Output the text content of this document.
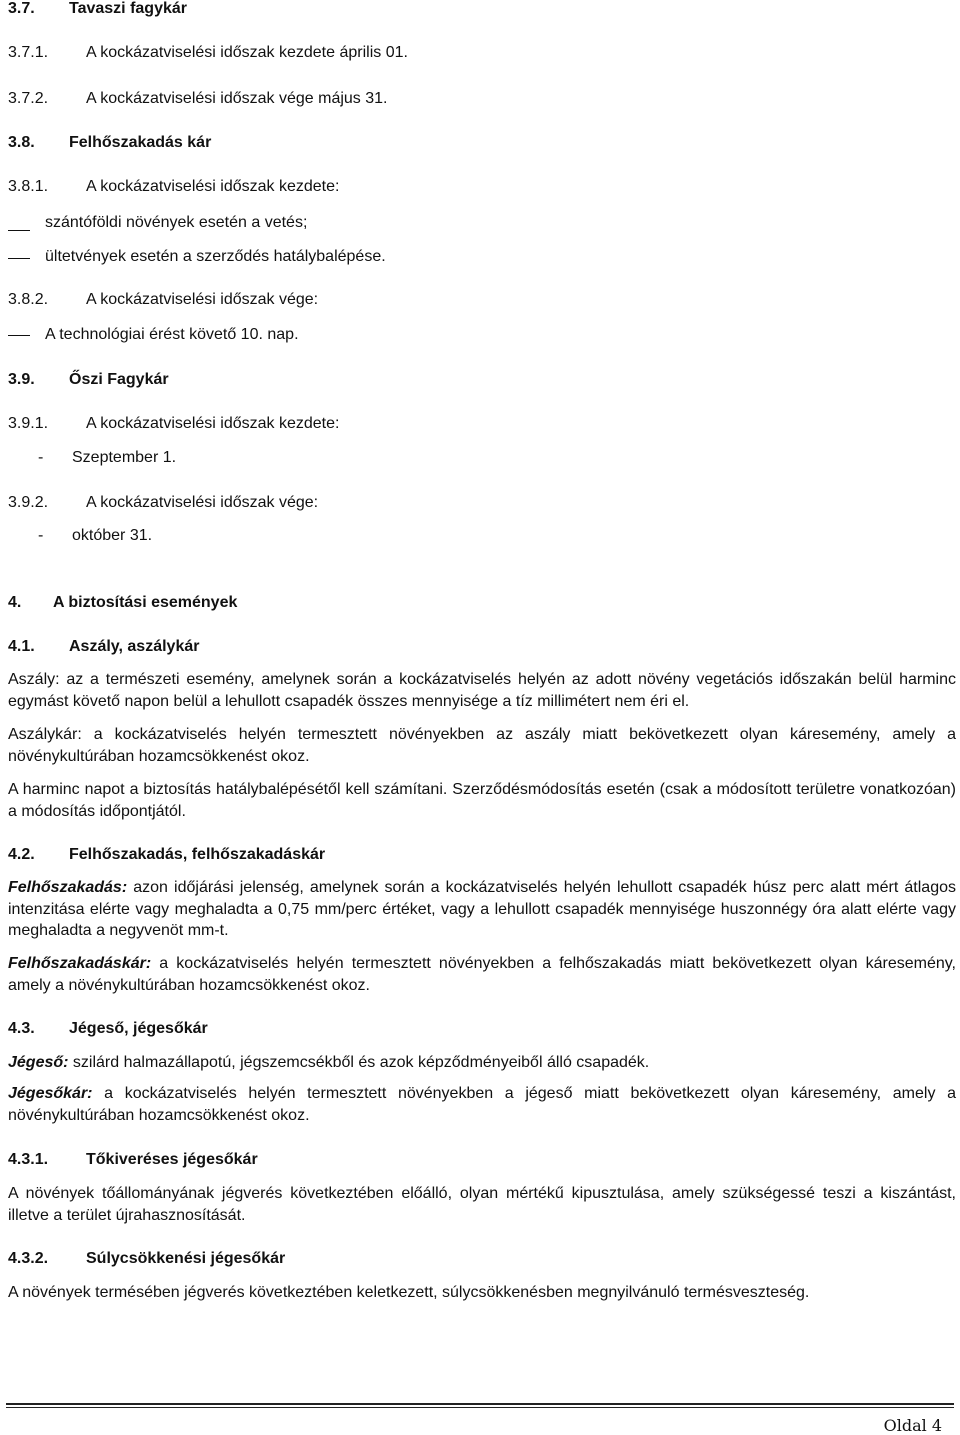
3.7. Tavaszi fagykár
3.7.1. A kockázatviselési időszak kezdete április 01.
3.7.2. A kockázatviselési időszak vége május 31.
3.8. Felhőszakadás kár
3.8.1. A kockázatviselési időszak kezdete:
szántóföldi növények esetén a vetés;
ültetvények esetén a szerződés hatálybalépése.
3.8.2. A kockázatviselési időszak vége:
A technológiai érést követő 10. nap.
3.9. Őszi Fagykár
3.9.1. A kockázatviselési időszak kezdete:
- Szeptember 1.
3.9.2. A kockázatviselési időszak vége:
- október 31.
4. A biztosítási események
4.1. Aszály, aszálykár
Aszály: az a természeti esemény, amelynek során a kockázatviselés helyén az adott növény vegetációs időszakán belül harminc egymást követő napon belül a lehullott csapadék összes mennyisége a tíz millimétert nem éri el.
Aszálykár: a kockázatviselés helyén termesztett növényekben az aszály miatt bekövetkezett olyan káresemény, amely a növénykultúrában hozamcsökkenést okoz.
A harminc napot a biztosítás hatálybalépésétől kell számítani. Szerződésmódosítás esetén (csak a módosított területre vonatkozóan) a módosítás időpontjától.
4.2. Felhőszakadás, felhőszakadáskár
Felhőszakadás: azon időjárási jelenség, amelynek során a kockázatviselés helyén lehullott csapadék húsz perc alatt mért átlagos intenzitása elérte vagy meghaladta a 0,75 mm/perc értéket, vagy a lehullott csapadék mennyisége huszonnégy óra alatt elérte vagy meghaladta a negyvenöt mm-t.
Felhőszakadáskár: a kockázatviselés helyén termesztett növényekben a felhőszakadás miatt bekövetkezett olyan káresemény, amely a növénykultúrában hozamcsökkenést okoz.
4.3. Jégeső, jégesőkár
Jégeső: szilárd halmazállapotú, jégszemcsékből és azok képződményeiből álló csapadék.
Jégesőkár: a kockázatviselés helyén termesztett növényekben a jégeső miatt bekövetkezett olyan káresemény, amely a növénykultúrában hozamcsökkenést okoz.
4.3.1. Tőkiveréses jégesőkár
A növények tőállományának jégverés következtében előálló, olyan mértékű kipusztulása, amely szükségessé teszi a kiszántást, illetve a terület újrahasznosítását.
4.3.2. Súlycsökkenési jégesőkár
A növények termésében jégverés következtében keletkezett, súlycsökkenésben megnyilvánuló termésveszteség.
Oldal 4
